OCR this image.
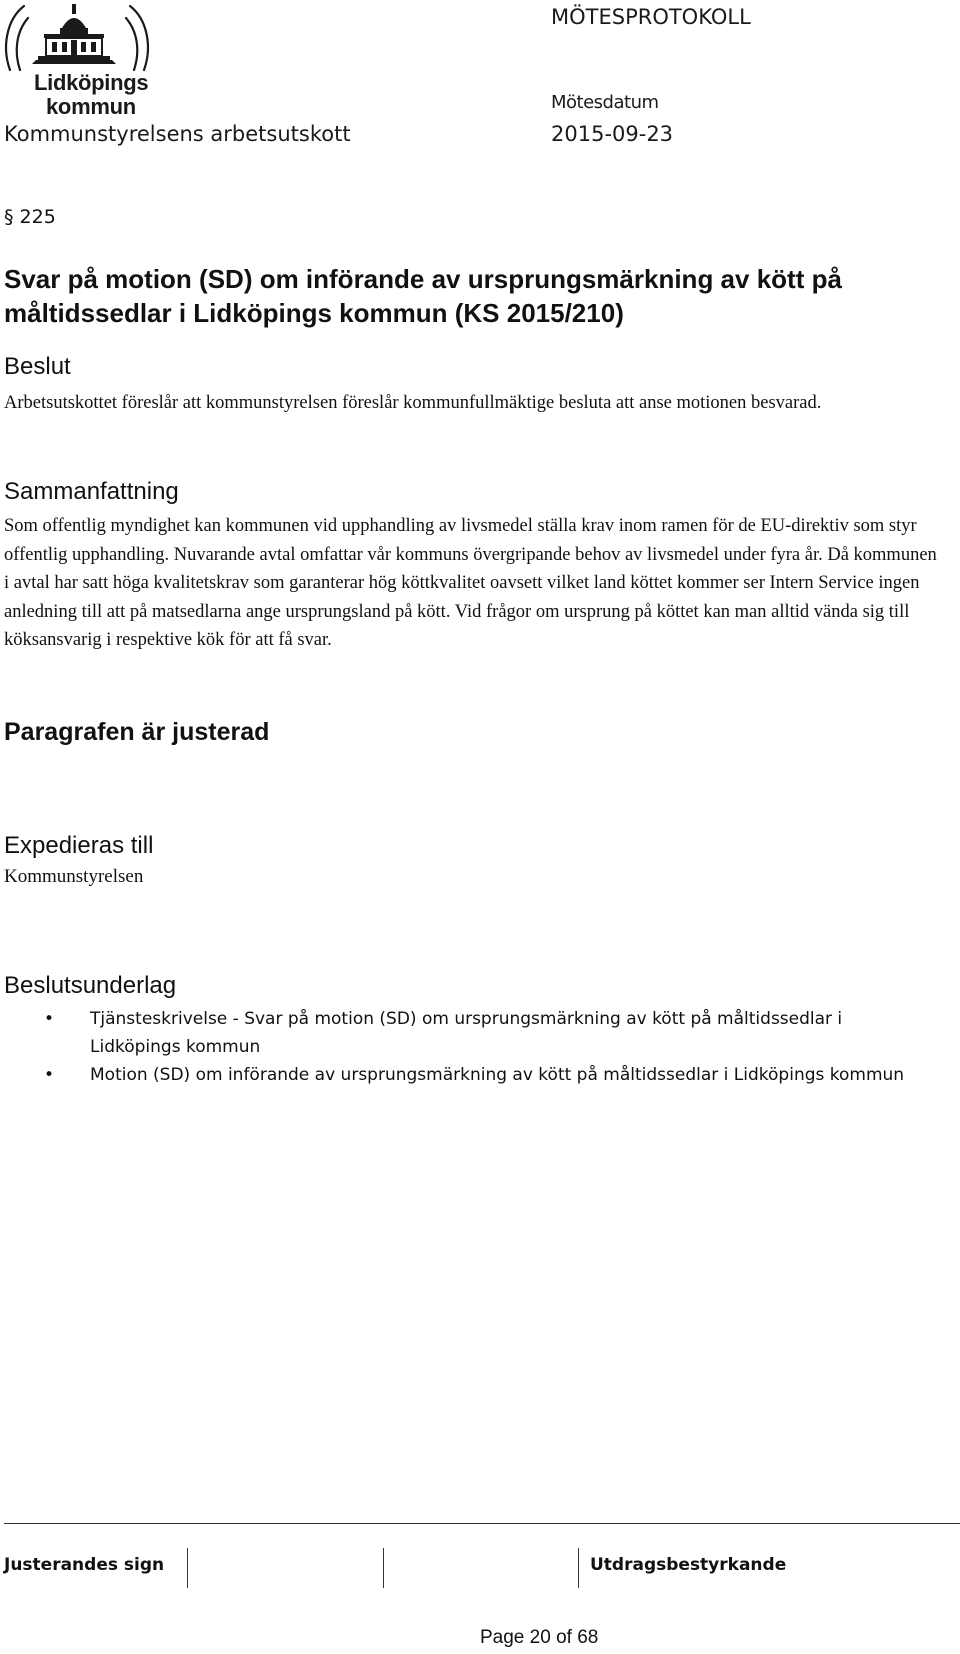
Lidköpings
kommun
Kommunstyrelsens arbetsutskott
MÖTESPROTOKOLL
Mötesdatum
2015-09-23
§ 225
Svar på motion (SD) om införande av ursprungsmärkning av kött på måltidssedlar i Lidköpings kommun (KS 2015/210)
Beslut
Arbetsutskottet föreslår att kommunstyrelsen föreslår kommunfullmäktige besluta att anse motionen besvarad.
Sammanfattning
Som offentlig myndighet kan kommunen vid upphandling av livsmedel ställa krav inom ramen för de EU-direktiv som styr offentlig upphandling. Nuvarande avtal omfattar vår kommuns övergripande behov av livsmedel under fyra år. Då kommunen i avtal har satt höga kvalitetskrav som garanterar hög köttkvalitet oavsett vilket land köttet kommer ser Intern Service ingen anledning till att på matsedlarna ange ursprungsland på kött. Vid frågor om ursprung på köttet kan man alltid vända sig till köksansvarig i respektive kök för att få svar.
Paragrafen är justerad
Expedieras till
Kommunstyrelsen
Beslutsunderlag
• Tjänsteskrivelse - Svar på motion (SD) om ursprungsmärkning av kött på måltidssedlar i Lidköpings kommun
• Motion (SD) om införande av ursprungsmärkning av kött på måltidssedlar i Lidköpings kommun
Justerandes sign	Utdragsbestyrkande
Page 20 of 68
